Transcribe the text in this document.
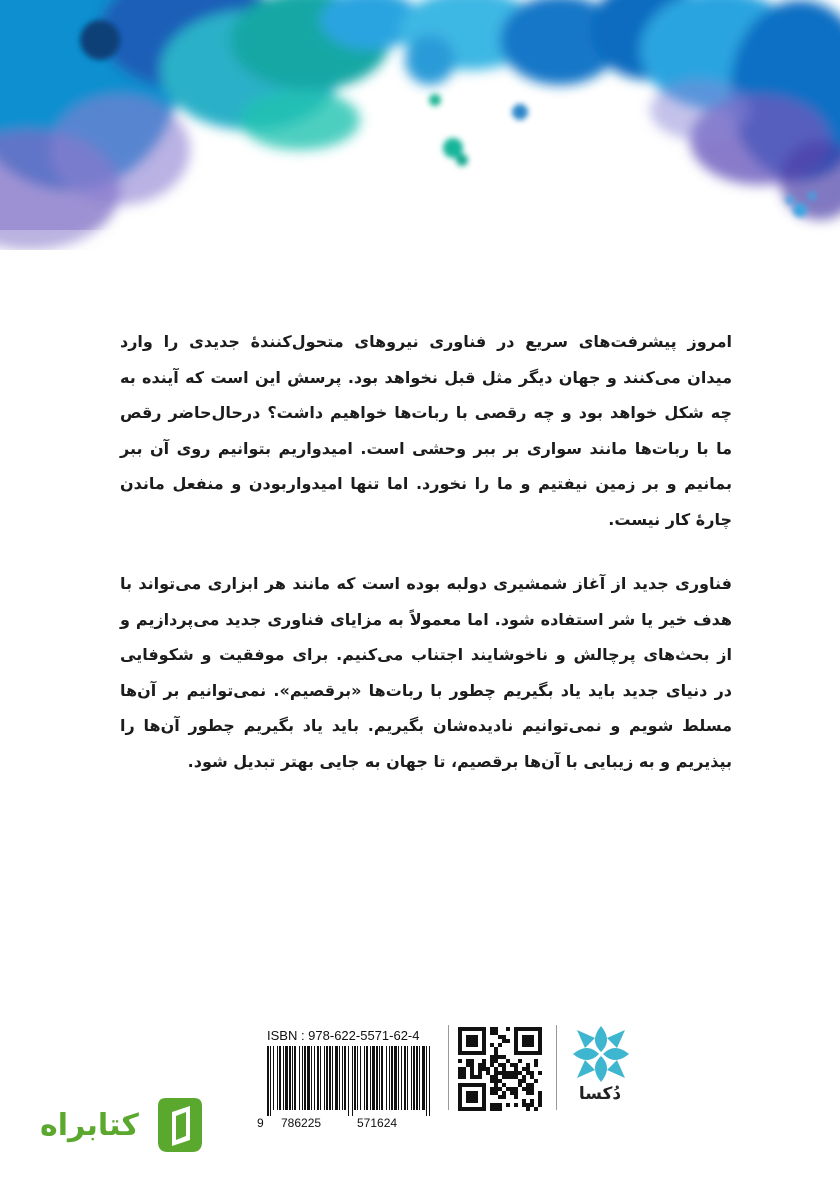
امروز پیشرفت‌های سریع در فناوری نیروهای متحول‌کنندهٔ جدیدی را وارد میدان می‌کنند و جهان دیگر مثل قبل نخواهد بود. پرسش این است که آینده به چه شکل خواهد بود و چه رقصی با ربات‌ها خواهیم داشت؟ درحال‌حاضر رقص ما با ربات‌ها مانند سواری بر ببر وحشی است. امیدواریم بتوانیم روی آن ببر بمانیم و بر زمین نیفتیم و ما را نخورد. اما تنها امیدواربودن و منفعل ماندن چارهٔ کار نیست.

فناوری جدید از آغاز شمشیری دولبه بوده است که مانند هر ابزاری می‌تواند با هدف خیر یا شر استفاده شود. اما معمولاً به مزایای فناوری جدید می‌پردازیم و از بحث‌های پرچالش و ناخوشایند اجتناب می‌کنیم. برای موفقیت و شکوفایی در دنیای جدید باید یاد بگیریم چطور با ربات‌ها «برقصیم». نمی‌توانیم بر آن‌ها مسلط شویم و نمی‌توانیم نادیده‌شان بگیریم. باید یاد بگیریم چطور آن‌ها را بپذیریم و به زیبایی با آن‌ها برقصیم، تا جهان به جایی بهتر تبدیل شود.

ISBN : 978-622-5571-62-4
9 786225	571624
دُکسا
کتابراه
